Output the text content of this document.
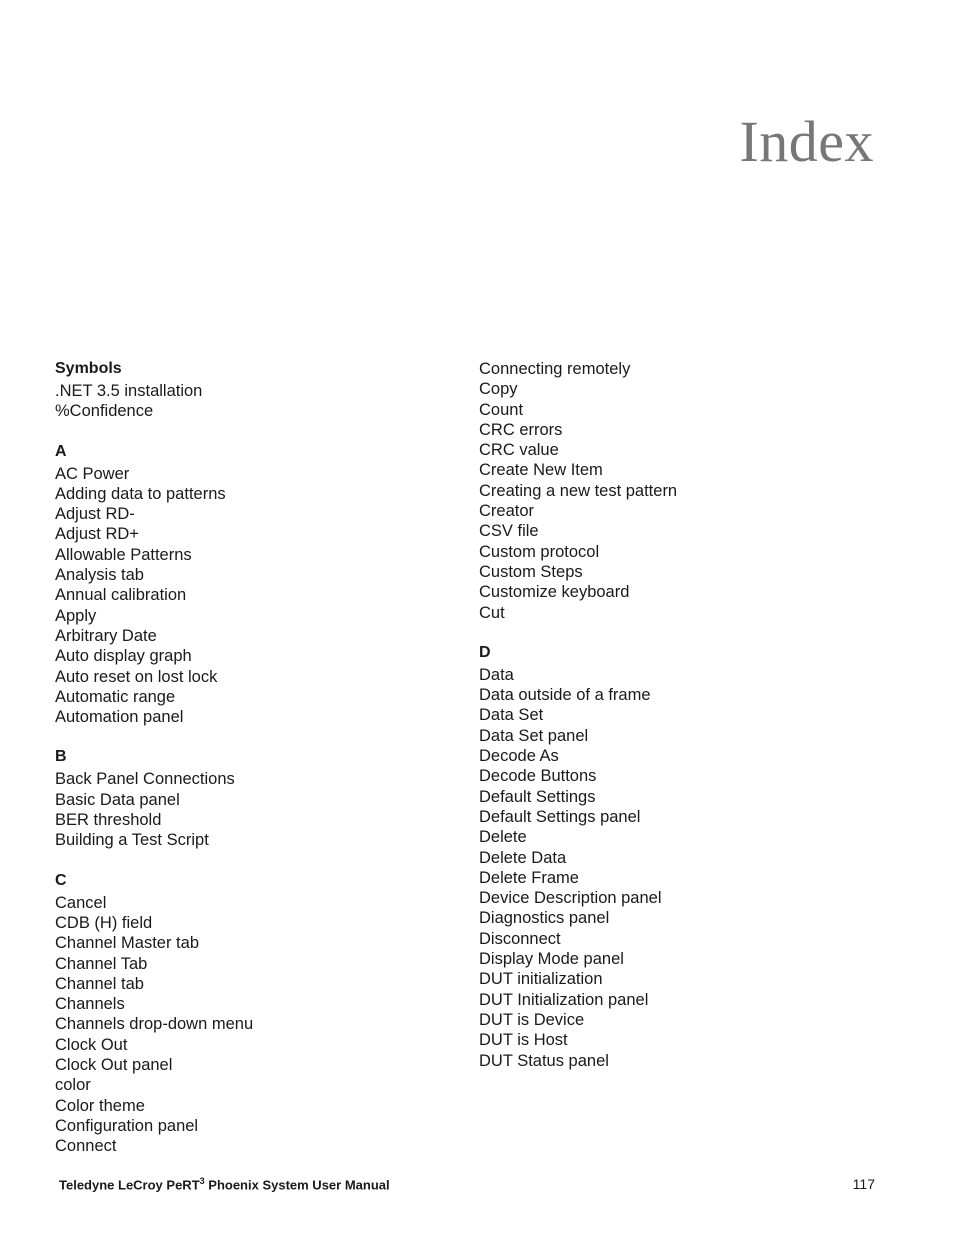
Index
Symbols
.NET 3.5 installation
%Confidence
A
AC Power
Adding data to patterns
Adjust RD-
Adjust RD+
Allowable Patterns
Analysis tab
Annual calibration
Apply
Arbitrary Date
Auto display graph
Auto reset on lost lock
Automatic range
Automation panel
B
Back Panel Connections
Basic Data panel
BER threshold
Building a Test Script
C
Cancel
CDB (H) field
Channel Master tab
Channel Tab
Channel tab
Channels
Channels drop-down menu
Clock Out
Clock Out panel
color
Color theme
Configuration panel
Connect
Connecting remotely
Copy
Count
CRC errors
CRC value
Create New Item
Creating a new test pattern
Creator
CSV file
Custom protocol
Custom Steps
Customize keyboard
Cut
D
Data
Data outside of a frame
Data Set
Data Set panel
Decode As
Decode Buttons
Default Settings
Default Settings panel
Delete
Delete Data
Delete Frame
Device Description panel
Diagnostics panel
Disconnect
Display Mode panel
DUT initialization
DUT Initialization panel
DUT is Device
DUT is Host
DUT Status panel
Teledyne LeCroy PeRT$^3$ Phoenix System User Manual	117
